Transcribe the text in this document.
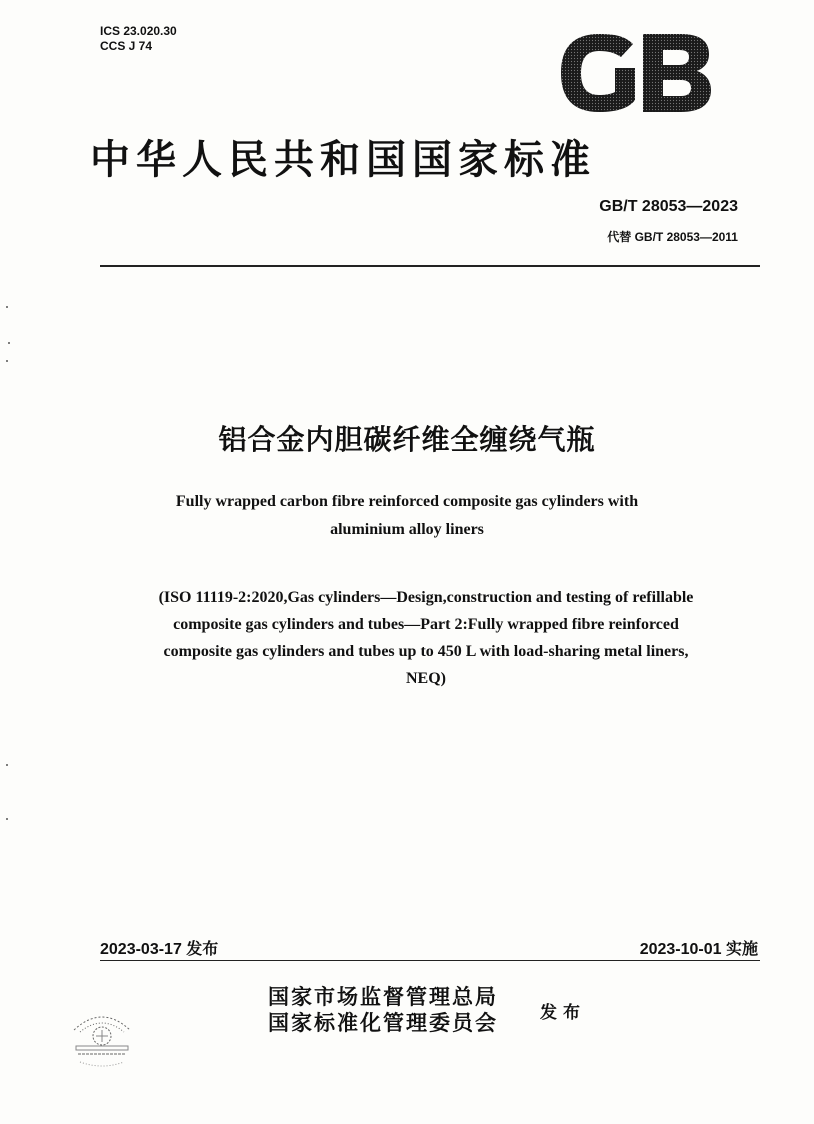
ICS 23.020.30
CCS J 74
中华人民共和国国家标准
GB/T 28053—2023
代替 GB/T 28053—2011
铝合金内胆碳纤维全缠绕气瓶
Fully wrapped carbon fibre reinforced composite gas cylinders with
aluminium alloy liners
(ISO 11119-2:2020,Gas cylinders—Design,construction and testing of refillable
composite gas cylinders and tubes—Part 2:Fully wrapped fibre reinforced
composite gas cylinders and tubes up to 450 L with load-sharing metal liners,
NEQ)
2023-03-17 发布	2023-10-01 实施
国家市场监督管理总局
国家标准化管理委员会 发布
